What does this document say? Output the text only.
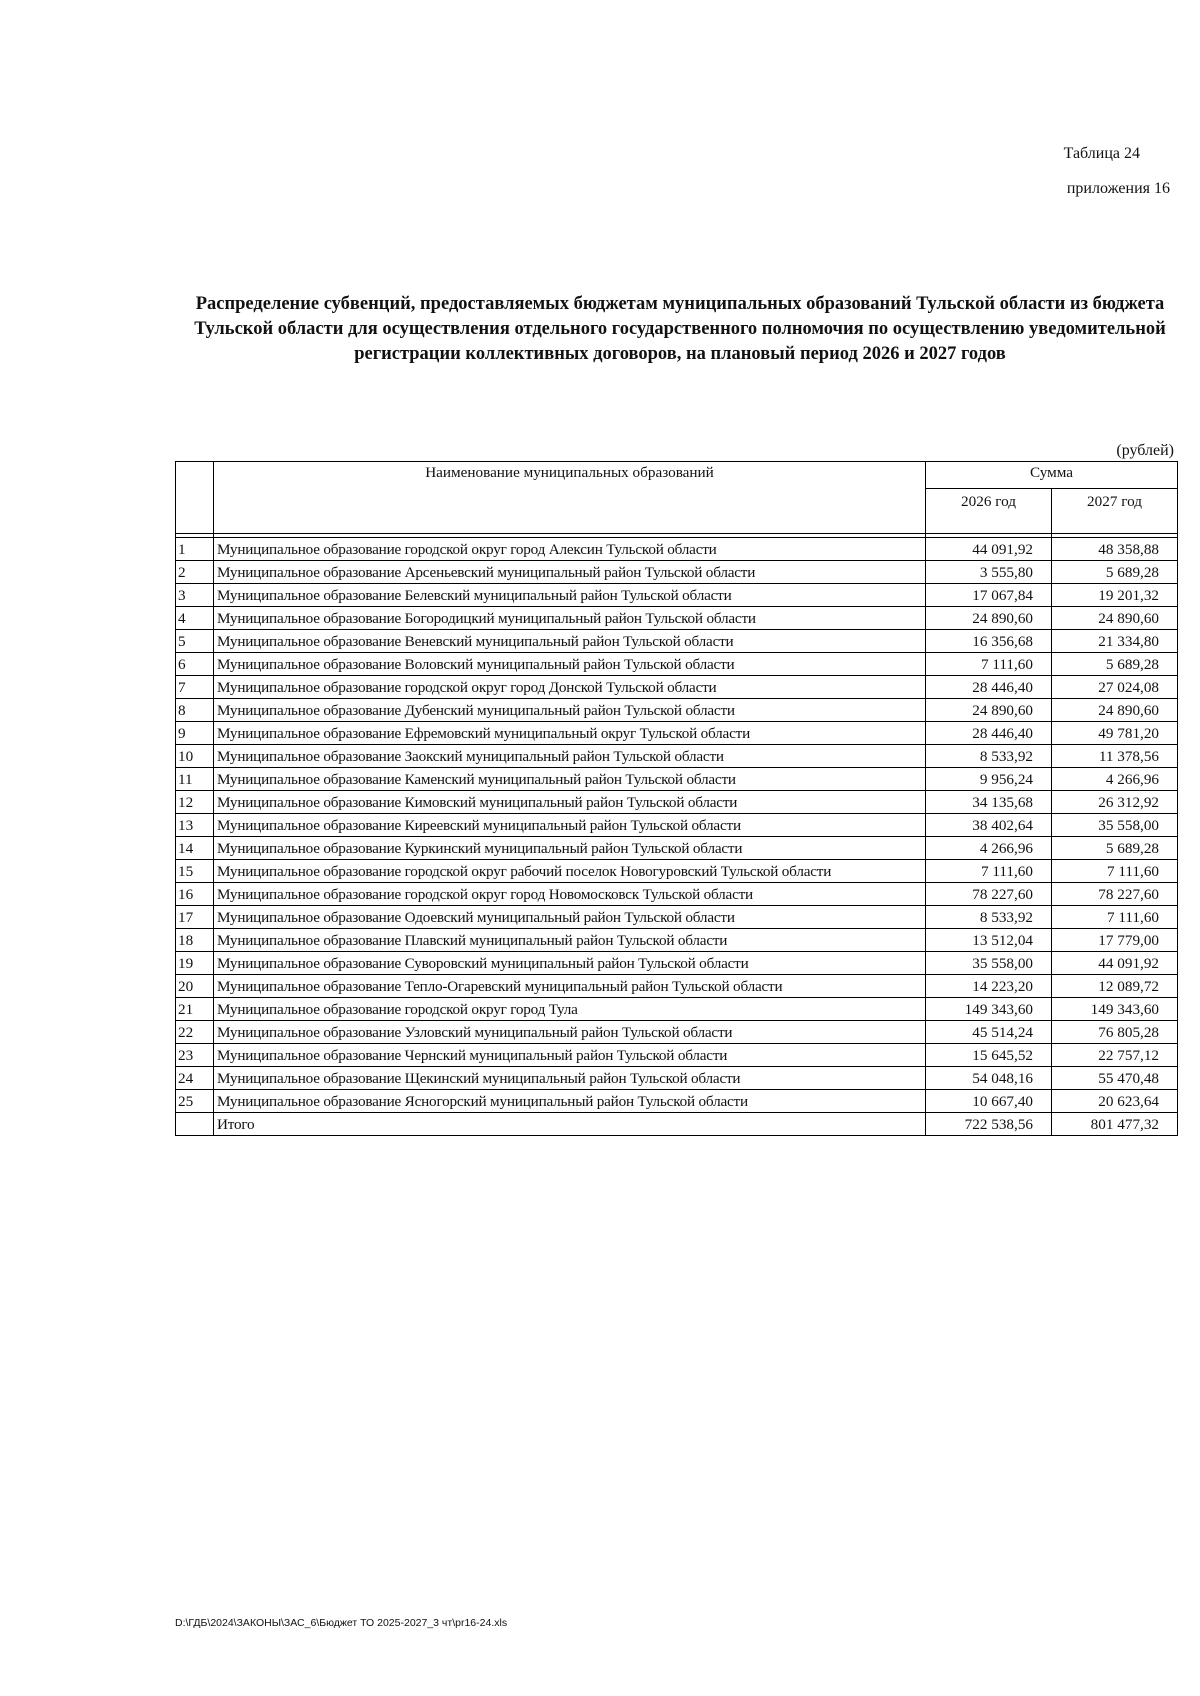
Таблица 24
приложения 16
Распределение субвенций, предоставляемых бюджетам муниципальных образований Тульской области из бюджета Тульской области для осуществления отдельного государственного полномочия по осуществлению уведомительной регистрации коллективных договоров, на плановый период 2026 и 2027 годов
(рублей)
	Наименование муниципальных образований	Сумма	
		2026 год	2027 год

1	Муниципальное образование городской округ город Алексин Тульской области	44 091,92	48 358,88
2	Муниципальное образование Арсеньевский муниципальный район Тульской области	3 555,80	5 689,28
3	Муниципальное образование Белевский муниципальный район Тульской области	17 067,84	19 201,32
4	Муниципальное образование Богородицкий муниципальный район Тульской области	24 890,60	24 890,60
5	Муниципальное образование Веневский муниципальный район Тульской области	16 356,68	21 334,80
6	Муниципальное образование Воловский муниципальный район Тульской области	7 111,60	5 689,28
7	Муниципальное образование городской округ город Донской Тульской области	28 446,40	27 024,08
8	Муниципальное образование Дубенский муниципальный район Тульской области	24 890,60	24 890,60
9	Муниципальное образование Ефремовский муниципальный округ Тульской области	28 446,40	49 781,20
10	Муниципальное образование Заокский муниципальный район Тульской области	8 533,92	11 378,56
11	Муниципальное образование Каменский муниципальный район Тульской области	9 956,24	4 266,96
12	Муниципальное образование Кимовский муниципальный район Тульской области	34 135,68	26 312,92
13	Муниципальное образование Киреевский муниципальный район Тульской области	38 402,64	35 558,00
14	Муниципальное образование Куркинский муниципальный район Тульской области	4 266,96	5 689,28
15	Муниципальное образование городской округ рабочий поселок Новогуровский Тульской области	7 111,60	7 111,60
16	Муниципальное образование городской округ город Новомосковск Тульской области	78 227,60	78 227,60
17	Муниципальное образование Одоевский муниципальный район Тульской области	8 533,92	7 111,60
18	Муниципальное образование Плавский муниципальный район Тульской области	13 512,04	17 779,00
19	Муниципальное образование Суворовский муниципальный район Тульской области	35 558,00	44 091,92
20	Муниципальное образование Тепло-Огаревский муниципальный район Тульской области	14 223,20	12 089,72
21	Муниципальное образование городской округ город Тула	149 343,60	149 343,60
22	Муниципальное образование Узловский муниципальный район Тульской области	45 514,24	76 805,28
23	Муниципальное образование Чернский муниципальный район Тульской области	15 645,52	22 757,12
24	Муниципальное образование Щекинский муниципальный район Тульской области	54 048,16	55 470,48
25	Муниципальное образование Ясногорский муниципальный район Тульской области	10 667,40	20 623,64
	Итого	722 538,56	801 477,32
D:\ГДБ\2024\ЗАКОНЫ\ЗАС_6\Бюджет ТО 2025-2027_3 чт\pr16-24.xls
